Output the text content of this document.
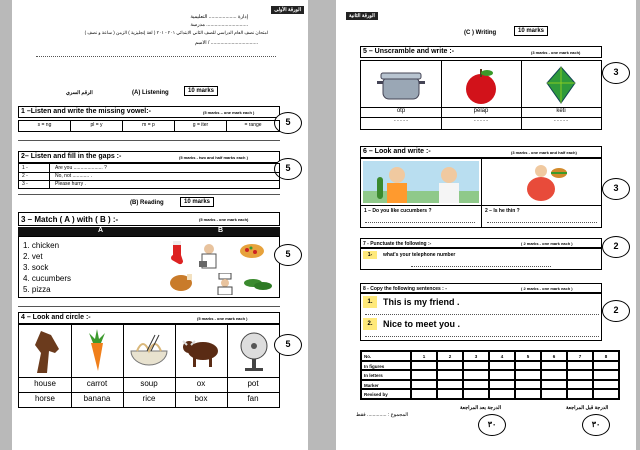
الورقة الأولى
إدارة .................... التعليمية
مدرسة ..............................
امتحان نصف العام الدراسي للصف الثاني الابتدائي ٢٠١ - ٢٠١ ( لغة إنجليزية ) الزمن ( ساعة و نصف )
الاسم / ..................................
الرقم السري	(A) Listening	10 marks
1 –Listen and write the missing vowel:-	(5 marks – one mark each )
5
s = ng	pl = y	m = p	g = iter	= range
2– Listen and fill in the gaps :-	(5 marks - two and half marks each )
5
1 -	Are you ..................... ?
2 -	No, not ............ .
3 -	Please hurry .
(B) Reading	10 marks
3 – Match ( A ) with ( B ) :-	(5 marks - one mark each)
A	B
1. chicken
2. vet
3. sock
4. cucumbers
5. pizza
5
4 – Look and circle :-	(5 marks - one mark each )
house	carrot	soup	ox	pot
horse	banana	rice	box	fan
5
الورقة الثانية
(C ) Writing	10 marks
5 – Unscramble and write :-	(3 marks - one mark each)
otp	pelap	keti
- - - - -	- - - - -	- - - - -
3
6 – Look and write :-	(3 marks - one mark and half each)
1 – Do you like cucumbers ?	2 – Is he thin ?
3
7 - Punctuate the following :-	( 2 marks - one mark each )
1-	what's your telephone number
2
8 - Copy the following sentences : -	( 2 marks - one mark each )
1.	This is my friend .
2.	Nice to meet you .
2
No.	1	2	3	4	5	6	7	8
In figures
In letters
Marker
Revised by
الدرجة بعد المراجعة	الدرجة قبل المراجعة
المجموع : .............. فقط
٣٠	٣٠
